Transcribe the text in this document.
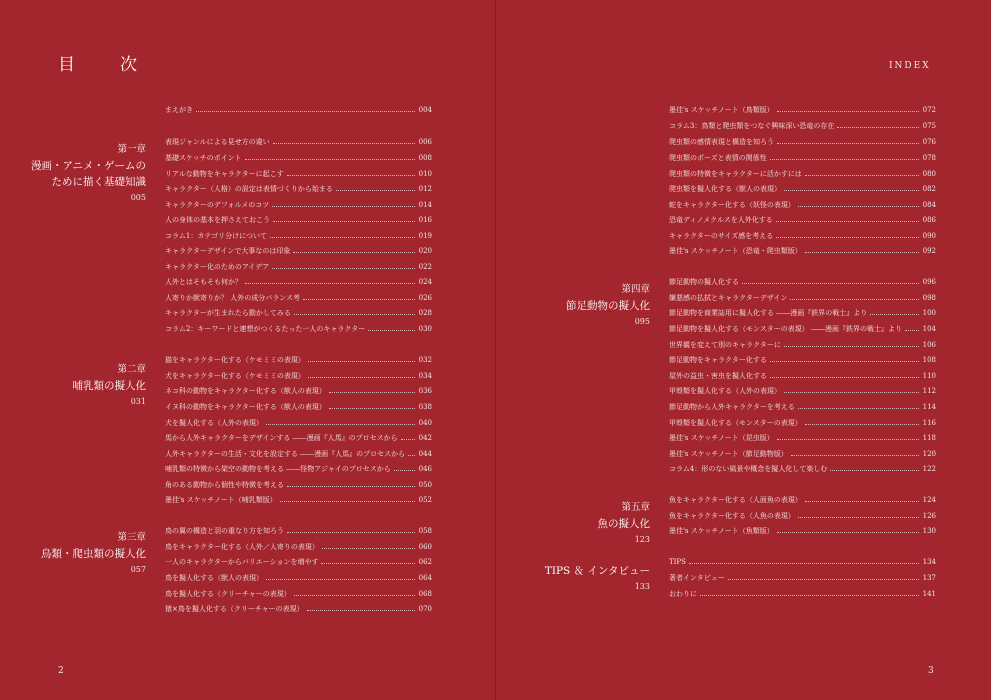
目　次	INDEX
2	3
第一章
漫画・アニメ・ゲームの
ために描く基礎知識
005
第二章
哺乳類の擬人化
031
第三章
鳥類・爬虫類の擬人化
057
第四章
節足動物の擬人化
095
第五章
魚の擬人化
123
TIPS ＆ インタビュー
133
まえがき	004
表現ジャンルによる見せ方の違い	006
基礎スケッチのポイント	008
リアルな動物をキャラクターに起こす	010
キャラクター（人格）の設定は表情づくりから始まる	012
キャラクターのデフォルメのコツ	014
人の身体の基本を押さえておこう	016
コラム1：カテゴリ分けについて	019
キャラクターデザインで大事なのは印象	020
キャラクター化のためのアイデア	022
人外とはそもそも何か？	024
人寄りか獣寄りか？ 人外の成分バランス考	026
キャラクターが生まれたら動かしてみる	028
コラム2：キーワードと連想がつくるたった一人のキャラクター	030
猫をキャラクター化する（ケモミミの表現）	032
犬をキャラクター化する（ケモミミの表現）	034
ネコ科の動物をキャラクター化する（獣人の表現）	036
イヌ科の動物をキャラクター化する（獣人の表現）	038
犬を擬人化する（人外の表現）	040
馬から人外キャラクターをデザインする ――漫画『人馬』のプロセスから	042
人外キャラクターの生活・文化を設定する ――漫画『人馬』のプロセスから 044
哺乳類の特徴から架空の動物を考える ――怪物アジャイのプロセスから	046
角のある動物から個性や特徴を考える	050
墨佳's スケッチノート（哺乳類版）	052
鳥の翼の構造と羽の重なり方を知ろう	058
鳥をキャラクター化する（人外／人寄りの表現）	060
一人のキャラクターからバリエーションを増やす	062
鳥を擬人化する（獣人の表現）	064
鳥を擬人化する（クリーチャーの表現）	068
猿×鳥を擬人化する（クリーチャーの表現）	070
墨佳's スケッチノート（鳥類版）	072
コラム3：鳥類と爬虫類をつなぐ興味深い恐竜の存在	075
爬虫類の感情表現と構造を知ろう	076
爬虫類のポーズと表情の関係性	078
爬虫類の特徴をキャラクターに活かすには	080
爬虫類を擬人化する（獣人の表現）	082
蛇をキャラクター化する（妖怪の表現）	084
恐竜ディノメクルスを人外化する	086
キャラクターのサイズ感を考える	090
墨佳's スケッチノート（恐竜・爬虫類版）	092
節足動物の擬人化する	096
嫌悪感の払拭とキャラクターデザイン	098
節足動物を商業誌用に擬人化する ――漫画『鉄界の戦士』より	100
節足動物を擬人化する（モンスターの表現） ――漫画『鉄界の戦士』より	104
世界観を変えて別のキャラクターに	106
節足動物をキャラクター化する	108
屋外の益虫・害虫を擬人化する	110
甲殻類を擬人化する（人外の表現）	112
節足動物から人外キャラクターを考える	114
甲殻類を擬人化する（モンスターの表現）	116
墨佳's スケッチノート（昆虫版）	118
墨佳's スケッチノート（節足動物版）	120
コラム4：形のない風景や概念を擬人化して楽しむ	122
魚をキャラクター化する（人面魚の表現）	124
魚をキャラクター化する（人魚の表現）	126
墨佳's スケッチノート（魚類版）	130
TIPS	134
著者インタビュー	137
おわりに	141
